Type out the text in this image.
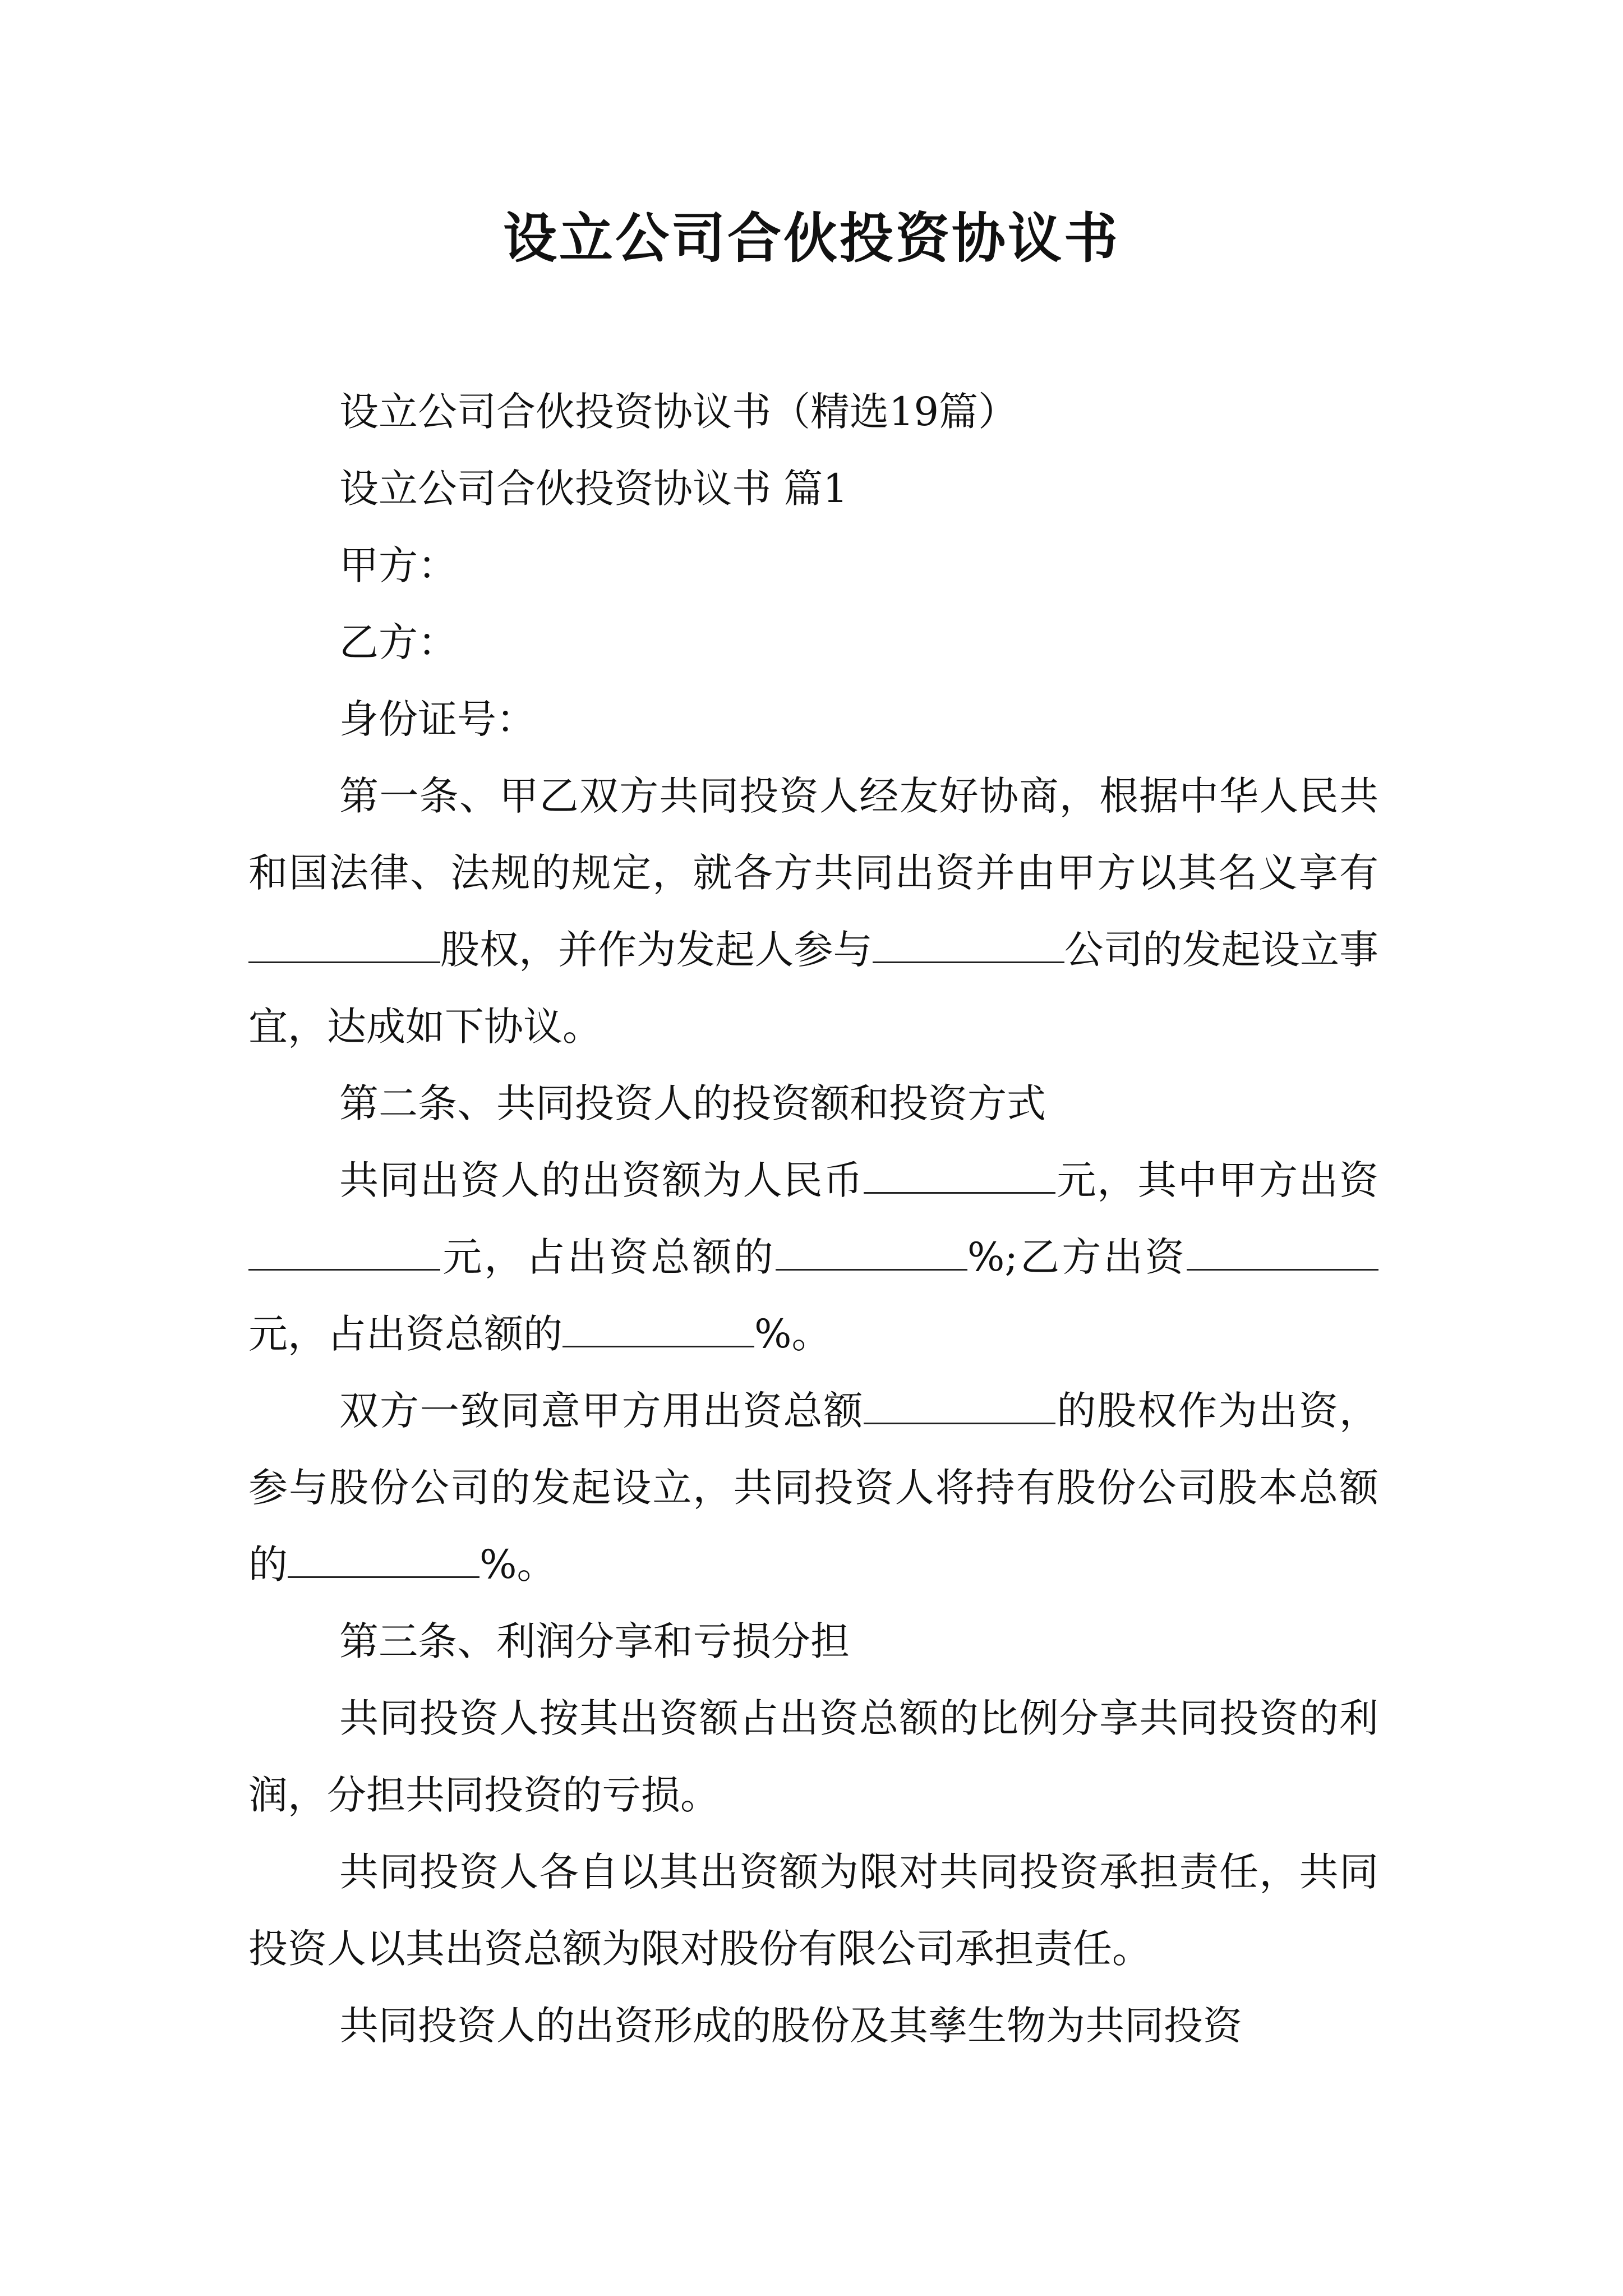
设立公司合伙投资协议书

设立公司合伙投资协议书（精选19篇）

设立公司合伙投资协议书 篇1

甲方：

乙方：

身份证号：

第一条、甲乙双方共同投资人经友好协商，根据中华人民共和国法律、法规的规定，就各方共同出资并由甲方以其名义享有股权，并作为发起人参与	公司的发起设立事宜，达成如下协议。

第二条、共同投资人的投资额和投资方式

共同出资人的出资额为人民币	元，其中甲方出资元，占出资总额的	%;乙方出资元，占出资总额的	%。

双方一致同意甲方用出资总额	的股权作为出资，参与股份公司的发起设立，共同投资人将持有股份公司股本总额的	%。

第三条、利润分享和亏损分担

共同投资人按其出资额占出资总额的比例分享共同投资的利润，分担共同投资的亏损。

共同投资人各自以其出资额为限对共同投资承担责任，共同投资人以其出资总额为限对股份有限公司承担责任。

共同投资人的出资形成的股份及其孳生物为共同投资
